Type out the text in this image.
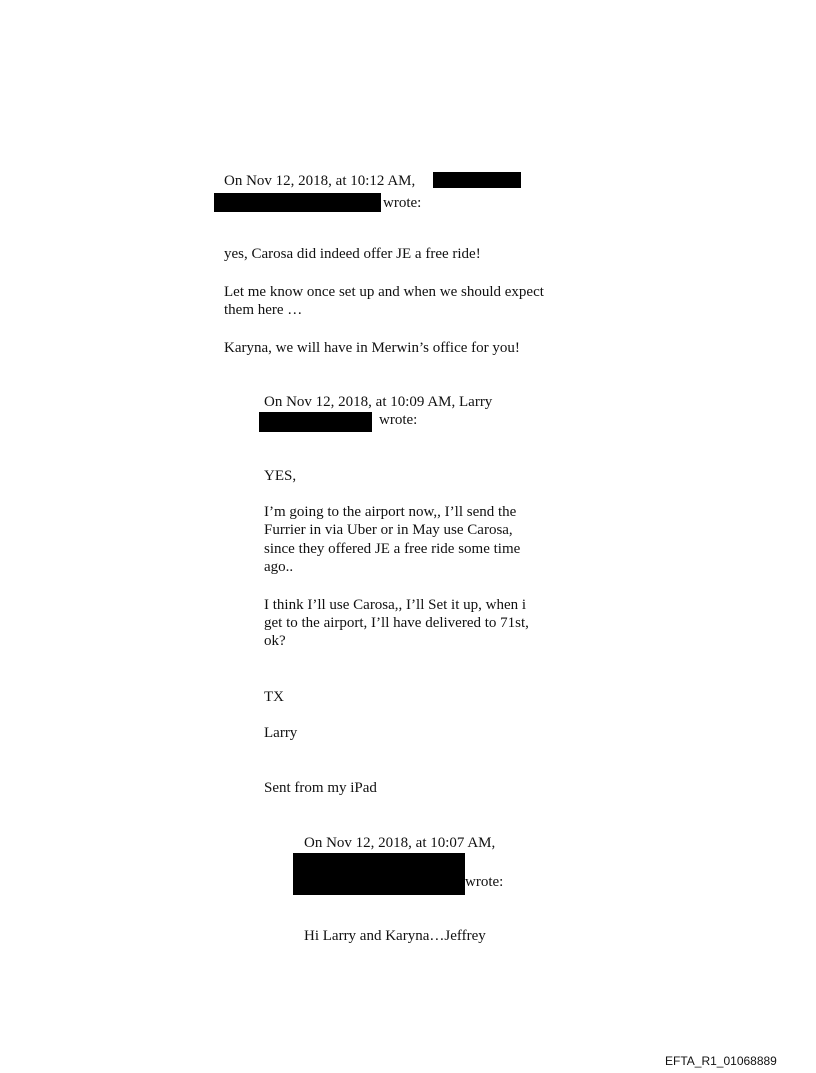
On Nov 12, 2018, at 10:12 AM,
wrote:
yes, Carosa did indeed offer JE a free ride!
Let me know once set up and when we should expect
them here …
Karyna, we will have in Merwin’s office for you!
On Nov 12, 2018, at 10:09 AM, Larry
wrote:
YES,
I’m going to the airport now,, I’ll send the
Furrier in via Uber or in May use Carosa,
since they offered JE a free ride some time
ago..
I think I’ll use Carosa,, I’ll Set it up, when i
get to the airport, I’ll have delivered to 71st,
ok?
TX
Larry
Sent from my iPad
On Nov 12, 2018, at 10:07 AM,
wrote:
Hi Larry and Karyna…Jeffrey
EFTA_R1_01068889
